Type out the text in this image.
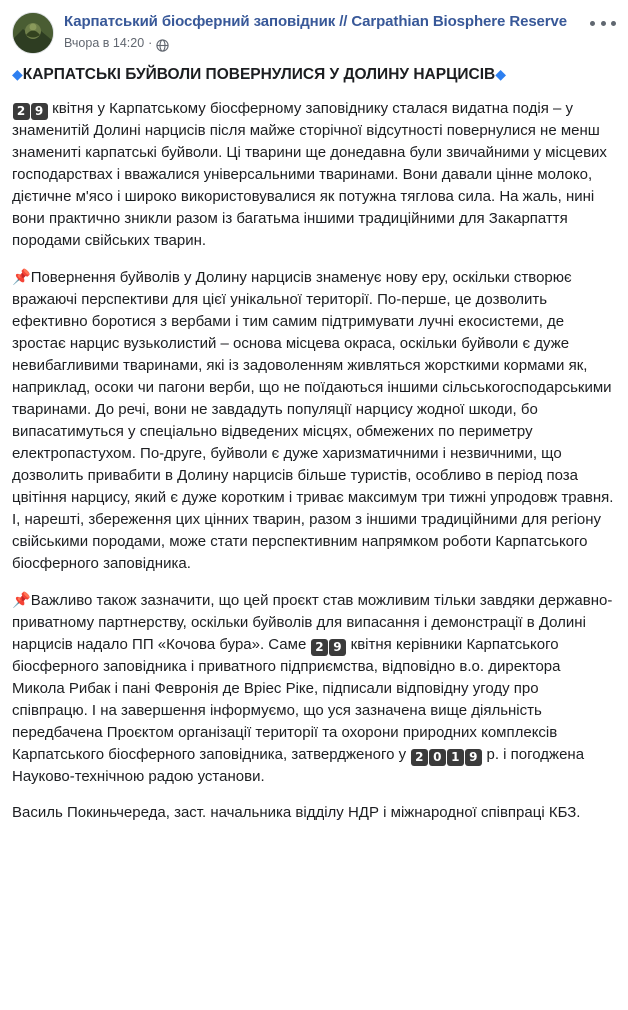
Карпатський біосферний заповідник // Carpathian Biosphere Reserve
Вчора в 14:20 ·
◆КАРПАТСЬКІ БУЙВОЛИ ПОВЕРНУЛИСЯ У ДОЛИНУ НАРЦИСІВ◆

2 9 квітня у Карпатському біосферному заповіднику сталася видатна подія – у знаменитій Долині нарцисів після майже сторічної відсутності повернулися не менш знамениті карпатські буйволи. Ці тварини ще донедавна були звичайними у місцевих господарствах і вважалися універсальними тваринами. Вони давали цінне молоко, дієтичне м'ясо і широко використовувалися як потужна тяглова сила. На жаль, нині вони практично зникли разом із багатьма іншими традиційними для Закарпаття породами свійських тварин.

📌Повернення буйволів у Долину нарцисів знаменує нову еру, оскільки створює вражаючі перспективи для цієї унікальної території. По-перше, це дозволить ефективно боротися з вербами і тим самим підтримувати лучні екосистеми, де зростає нарцис вузьколистий – основа місцева окраса, оскільки буйволи є дуже невибагливими тваринами, які із задоволенням живляться жорсткими кормами як, наприклад, осоки чи пагони верби, що не поїдаються іншими сільськогосподарськими тваринами. До речі, вони не завдадуть популяції нарцису жодної шкоди, бо випасатимуться у спеціально відведених місцях, обмежених по периметру електропастухом. По-друге, буйволи є дуже харизматичними і незвичними, що дозволить привабити в Долину нарцисів більше туристів, особливо в період поза цвітіння нарцису, який є дуже коротким і триває максимум три тижні упродовж травня. І, нарешті, збереження цих цінних тварин, разом з іншими традиційними для регіону свійськими породами, може стати перспективним напрямком роботи Карпатського біосферного заповідника.

📌Важливо також зазначити, що цей проєкт став можливим тільки завдяки державно-приватному партнерству, оскільки буйволів для випасання і демонстрації в Долині нарцисів надало ПП «Кочова бура». Саме 2 9 квітня керівники Карпатського біосферного заповідника і приватного підприємства, відповідно в.о. директора Микола Рибак і пані Февронія де Вріес Ріке, підписали відповідну угоду про співпрацю. І на завершення інформуємо, що уся зазначена вище діяльність передбачена Проєктом організації території та охорони природних комплексів Карпатського біосферного заповідника, затвердженого у 2 0 1 9 р. і погоджена Науково-технічною радою установи.

Василь Покиньчереда, заст. начальника відділу НДР і міжнародної співпраці КБЗ.
